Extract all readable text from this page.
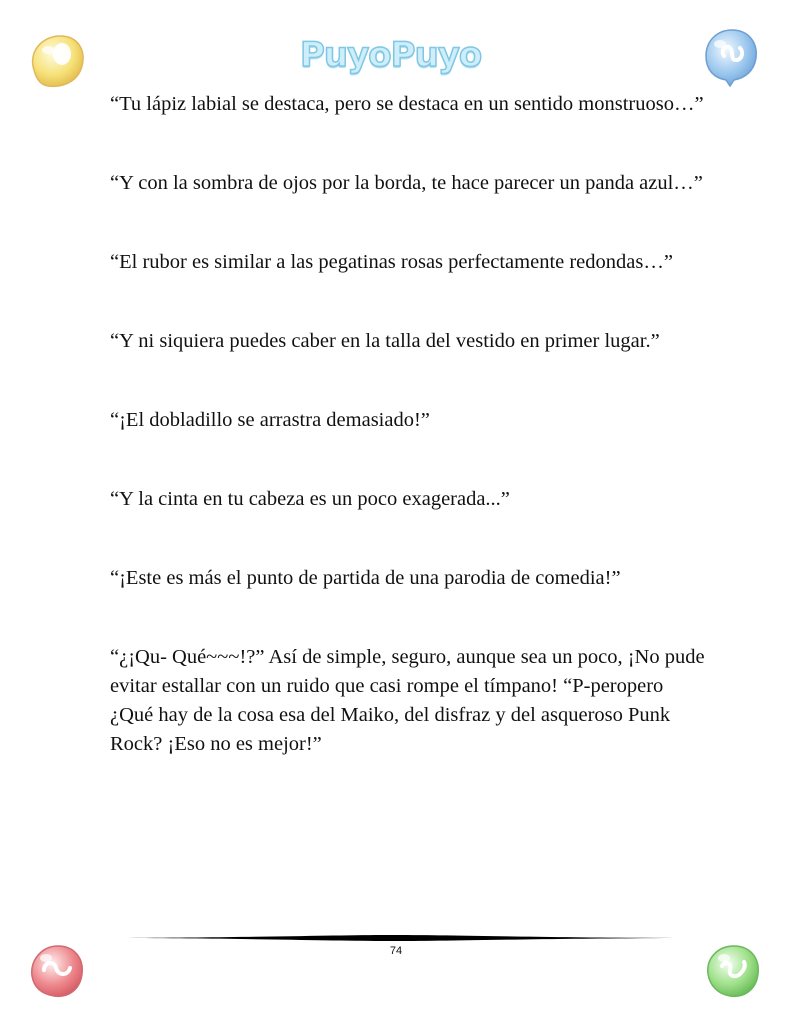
PuyoPuyo

“Tu lápiz labial se destaca, pero se destaca en un sentido monstruoso…”

“Y con la sombra de ojos por la borda, te hace parecer un panda azul…”

“El rubor es similar a las pegatinas rosas perfectamente redondas…”

“Y ni siquiera puedes caber en la talla del vestido en primer lugar.”

“¡El dobladillo se arrastra demasiado!”

“Y la cinta en tu cabeza es un poco exagerada...”

“¡Este es más el punto de partida de una parodia de comedia!”

“¿¡Qu- Qué~~~!?” Así de simple, seguro, aunque sea un poco, ¡No pude evitar estallar con un ruido que casi rompe el tímpano! “P-peropero ¿Qué hay de la cosa esa del Maiko, del disfraz y del asqueroso Punk Rock? ¡Eso no es mejor!”

74
